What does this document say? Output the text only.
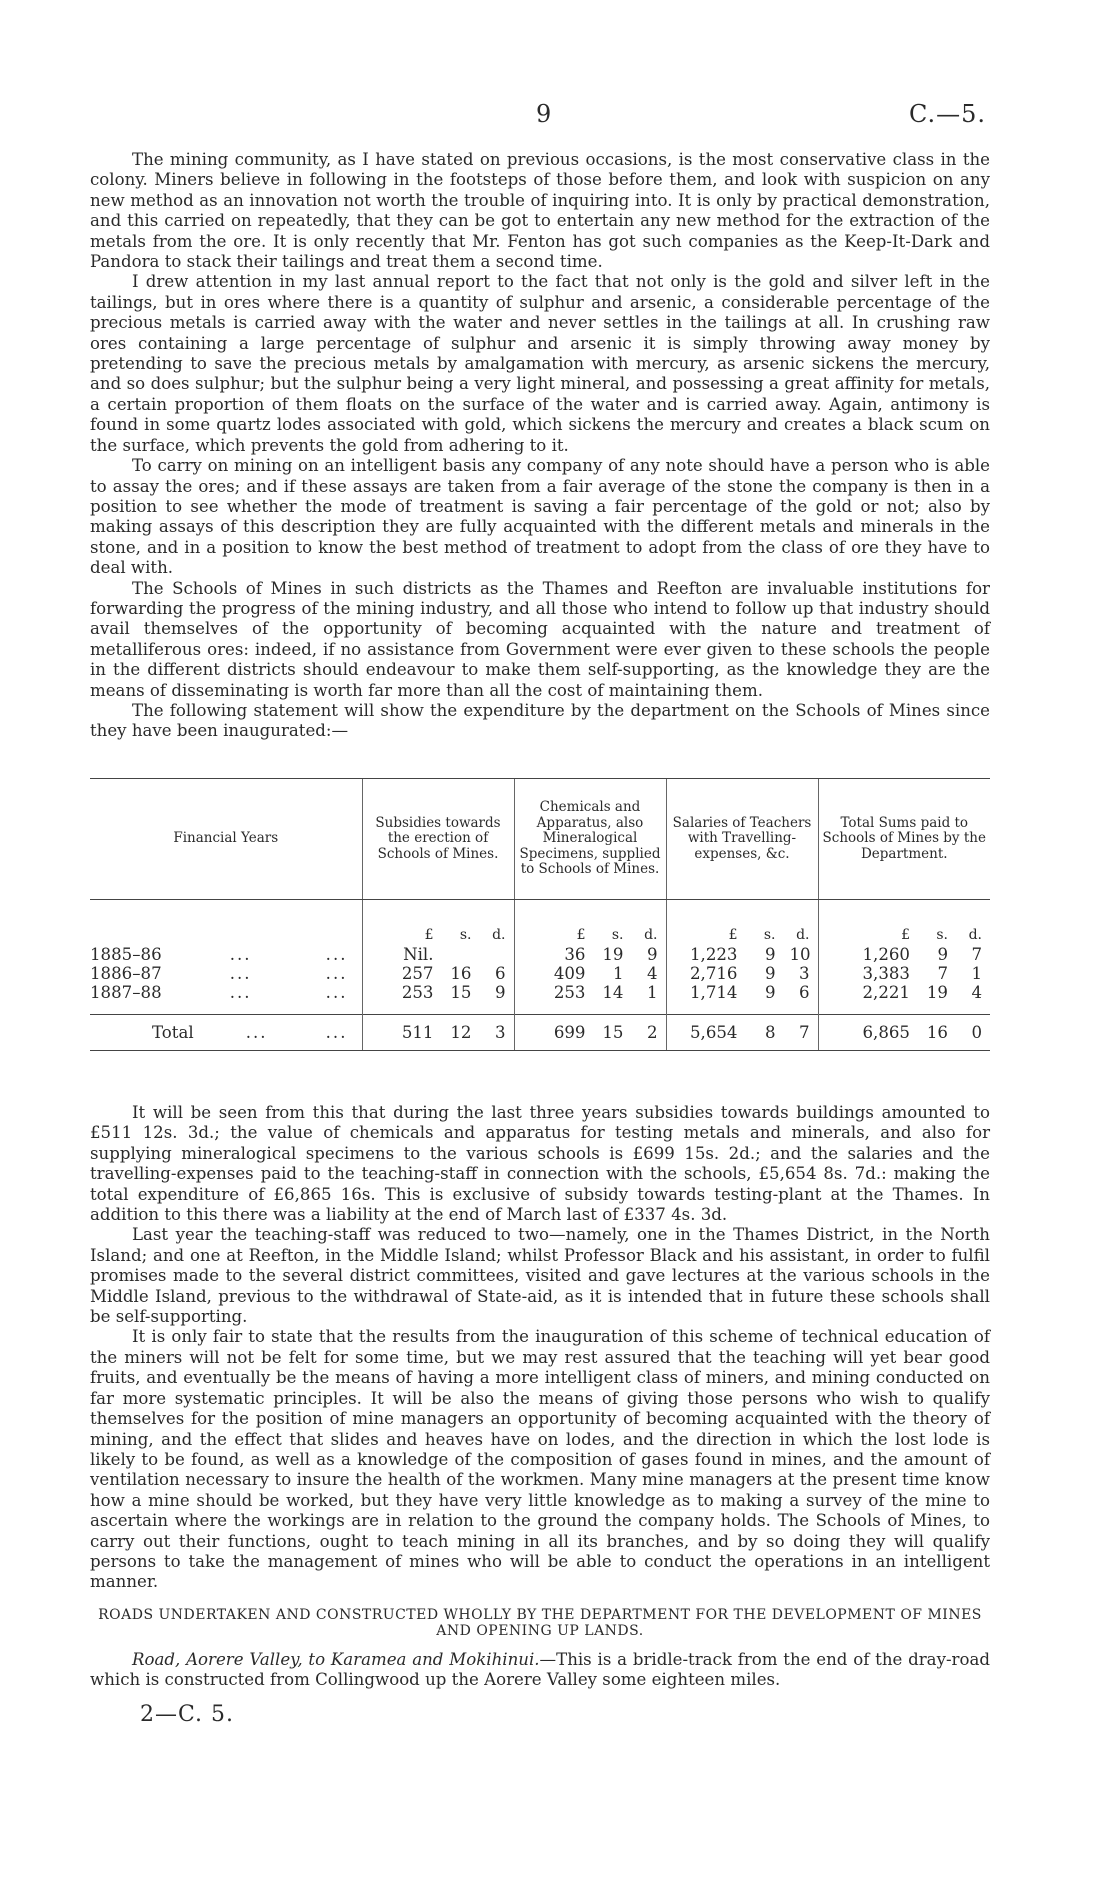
9	C.—5.

The mining community, as I have stated on previous occasions, is the most conservative class in the colony. Miners believe in following in the footsteps of those before them, and look with suspicion on any new method as an innovation not worth the trouble of inquiring into. It is only by practical demonstration, and this carried on repeatedly, that they can be got to entertain any new method for the extraction of the metals from the ore. It is only recently that Mr. Fenton has got such companies as the Keep-It-Dark and Pandora to stack their tailings and treat them a second time.

I drew attention in my last annual report to the fact that not only is the gold and silver left in the tailings, but in ores where there is a quantity of sulphur and arsenic, a considerable percentage of the precious metals is carried away with the water and never settles in the tailings at all. In crushing raw ores containing a large percentage of sulphur and arsenic it is simply throwing away money by pretending to save the precious metals by amalgamation with mercury, as arsenic sickens the mercury, and so does sulphur; but the sulphur being a very light mineral, and possessing a great affinity for metals, a certain proportion of them floats on the surface of the water and is carried away. Again, antimony is found in some quartz lodes associated with gold, which sickens the mercury and creates a black scum on the surface, which prevents the gold from adhering to it.

To carry on mining on an intelligent basis any company of any note should have a person who is able to assay the ores; and if these assays are taken from a fair average of the stone the company is then in a position to see whether the mode of treatment is saving a fair percentage of the gold or not; also by making assays of this description they are fully acquainted with the different metals and minerals in the stone, and in a position to know the best method of treatment to adopt from the class of ore they have to deal with.

The Schools of Mines in such districts as the Thames and Reefton are invaluable institutions for forwarding the progress of the mining industry, and all those who intend to follow up that industry should avail themselves of the opportunity of becoming acquainted with the nature and treatment of metalliferous ores: indeed, if no assistance from Government were ever given to these schools the people in the different districts should endeavour to make them self-supporting, as the knowledge they are the means of disseminating is worth far more than all the cost of maintaining them.

The following statement will show the expenditure by the department on the Schools of Mines since they have been inaugurated:—

Financial Years	Subsidies towards the erection of Schools of Mines.	Chemicals and Apparatus, also Mineralogical Specimens, supplied to Schools of Mines.	Salaries of Teachers with Travelling-expenses, &c.	Total Sums paid to Schools of Mines by the Department.

	£ s. d.	£ s. d.	£ s. d.	£ s. d.

1885–86 ... ...	Nil.	36 19 9	1,223 9 10	1,260 9 7

1886–87 ... ...	257 16 6	409 1 4	2,716 9 3	3,383 7 1

1887–88 ... ...	253 15 9	253 14 1	1,714 9 6	2,221 19 4

Total ... ...	511 12 3	699 15 2	5,654 8 7	6,865 16 0

It will be seen from this that during the last three years subsidies towards buildings amounted to £511 12s. 3d.; the value of chemicals and apparatus for testing metals and minerals, and also for supplying mineralogical specimens to the various schools is £699 15s. 2d.; and the salaries and the travelling-expenses paid to the teaching-staff in connection with the schools, £5,654 8s. 7d.: making the total expenditure of £6,865 16s. This is exclusive of subsidy towards testing-plant at the Thames. In addition to this there was a liability at the end of March last of £337 4s. 3d.

Last year the teaching-staff was reduced to two—namely, one in the Thames District, in the North Island; and one at Reefton, in the Middle Island; whilst Professor Black and his assistant, in order to fulfil promises made to the several district committees, visited and gave lectures at the various schools in the Middle Island, previous to the withdrawal of State-aid, as it is intended that in future these schools shall be self-supporting.

It is only fair to state that the results from the inauguration of this scheme of technical education of the miners will not be felt for some time, but we may rest assured that the teaching will yet bear good fruits, and eventually be the means of having a more intelligent class of miners, and mining conducted on far more systematic principles. It will be also the means of giving those persons who wish to qualify themselves for the position of mine managers an opportunity of becoming acquainted with the theory of mining, and the effect that slides and heaves have on lodes, and the direction in which the lost lode is likely to be found, as well as a knowledge of the composition of gases found in mines, and the amount of ventilation necessary to insure the health of the workmen. Many mine managers at the present time know how a mine should be worked, but they have very little knowledge as to making a survey of the mine to ascertain where the workings are in relation to the ground the company holds. The Schools of Mines, to carry out their functions, ought to teach mining in all its branches, and by so doing they will qualify persons to take the management of mines who will be able to conduct the operations in an intelligent manner.

ROADS UNDERTAKEN AND CONSTRUCTED WHOLLY BY THE DEPARTMENT FOR THE DEVELOPMENT OF MINES AND OPENING UP LANDS.

Road, Aorere Valley, to Karamea and Mokihinui.—This is a bridle-track from the end of the dray-road which is constructed from Collingwood up the Aorere Valley some eighteen miles.

2—C. 5.
